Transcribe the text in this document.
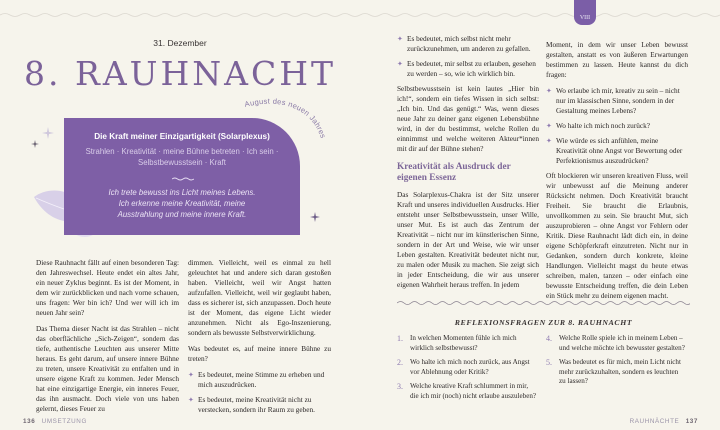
31. Dezember
8. RAUHNACHT
August des neuen Jahres
Die Kraft meiner Einzigartigkeit (Solarplexus)
Strahlen · Kreativität · meine Bühne betreten · Ich sein ·
Selbstbewusstsein · Kraft
Ich trete bewusst ins Licht meines Lebens.
Ich erkenne meine Kreativität, meine
Ausstrahlung und meine innere Kraft.

Diese Rauhnacht fällt auf einen besonderen Tag: den Jahreswechsel. Heute endet ein altes Jahr, ein neuer Zyklus beginnt. Es ist der Moment, in dem wir zurückblicken und nach vorne schauen, uns fragen: Wer bin ich? Und wer will ich im neuen Jahr sein?

Das Thema dieser Nacht ist das Strahlen – nicht das oberflächliche „Sich-Zeigen“, sondern das tiefe, authentische Leuchten aus unserer Mitte heraus. Es geht darum, auf unsere innere Bühne zu treten, unsere Kreativität zu entfalten und in unsere eigene Kraft zu kommen. Jeder Mensch hat eine einzigartige Energie, ein inneres Feuer, das ihn ausmacht. Doch viele von uns haben gelernt, dieses Feuer zu

dimmen. Vielleicht, weil es einmal zu hell geleuchtet hat und andere sich daran gestoßen haben. Vielleicht, weil wir Angst hatten aufzufallen. Vielleicht, weil wir geglaubt haben, dass es sicherer ist, sich anzupassen. Doch heute ist der Moment, das eigene Licht wieder anzunehmen. Nicht als Ego-Inszenierung, sondern als bewusste Selbstverwirklichung.

Was bedeutet es, auf meine innere Bühne zu treten?

✦ Es bedeutet, meine Stimme zu erheben und mich auszudrücken.
✦ Es bedeutet, meine Kreativität nicht zu verstecken, sondern ihr Raum zu geben.
136 UMSETZUNG
VIII
✦ Es bedeutet, mich selbst nicht mehr zurückzunehmen, um anderen zu gefallen.
✦ Es bedeutet, mir selbst zu erlauben, gesehen zu werden – so, wie ich wirklich bin.

Selbstbewusstsein ist kein lautes „Hier bin ich!“, sondern ein tiefes Wissen in sich selbst: „Ich bin. Und das genügt.“ Was, wenn dieses neue Jahr zu deiner ganz eigenen Lebensbühne wird, in der du bestimmst, welche Rollen du einnimmst und welche weiteren Akteur*innen mit dir auf der Bühne stehen?

Kreativität als Ausdruck der eigenen Essenz

Das Solarplexus-Chakra ist der Sitz unserer Kraft und unseres individuellen Ausdrucks. Hier entsteht unser Selbstbewusstsein, unser Wille, unser Mut. Es ist auch das Zentrum der Kreativität – nicht nur im künstlerischen Sinne, sondern in der Art und Weise, wie wir unser Leben gestalten. Kreativität bedeutet nicht nur, zu malen oder Musik zu machen. Sie zeigt sich in jeder Entscheidung, die wir aus unserer eigenen Wahrheit heraus treffen. In jedem

Moment, in dem wir unser Leben bewusst gestalten, anstatt es von äußeren Erwartungen bestimmen zu lassen. Heute kannst du dich fragen:

✦ Wo erlaube ich mir, kreativ zu sein – nicht nur im klassischen Sinne, sondern in der Gestaltung meines Lebens?
✦ Wo halte ich mich noch zurück?
✦ Wie würde es sich anfühlen, meine Kreativität ohne Angst vor Bewertung oder Perfektionismus auszudrücken?

Oft blockieren wir unseren kreativen Fluss, weil wir unbewusst auf die Meinung anderer Rücksicht nehmen. Doch Kreativität braucht Freiheit. Sie braucht die Erlaubnis, unvollkommen zu sein. Sie braucht Mut, sich auszuprobieren – ohne Angst vor Fehlern oder Kritik. Diese Rauhnacht lädt dich ein, in deine eigene Schöpferkraft einzutreten. Nicht nur in Gedanken, sondern durch konkrete, kleine Handlungen. Vielleicht magst du heute etwas schreiben, malen, tanzen – oder einfach eine bewusste Entscheidung treffen, die dein Leben ein Stück mehr zu deinem eigenen macht.

REFLEXIONSFRAGEN ZUR 8. RAUHNACHT
1. In welchen Momenten fühle ich mich wirklich selbstbewusst?
2. Wo halte ich mich noch zurück, aus Angst vor Ablehnung oder Kritik?
3. Welche kreative Kraft schlummert in mir, die ich mir (noch) nicht erlaube auszuleben?
4. Welche Rolle spiele ich in meinem Leben – und welche möchte ich bewusster gestalten?
5. Was bedeutet es für mich, mein Licht nicht mehr zurückzuhalten, sondern es leuchten zu lassen?
RAUHNÄCHTE 137
